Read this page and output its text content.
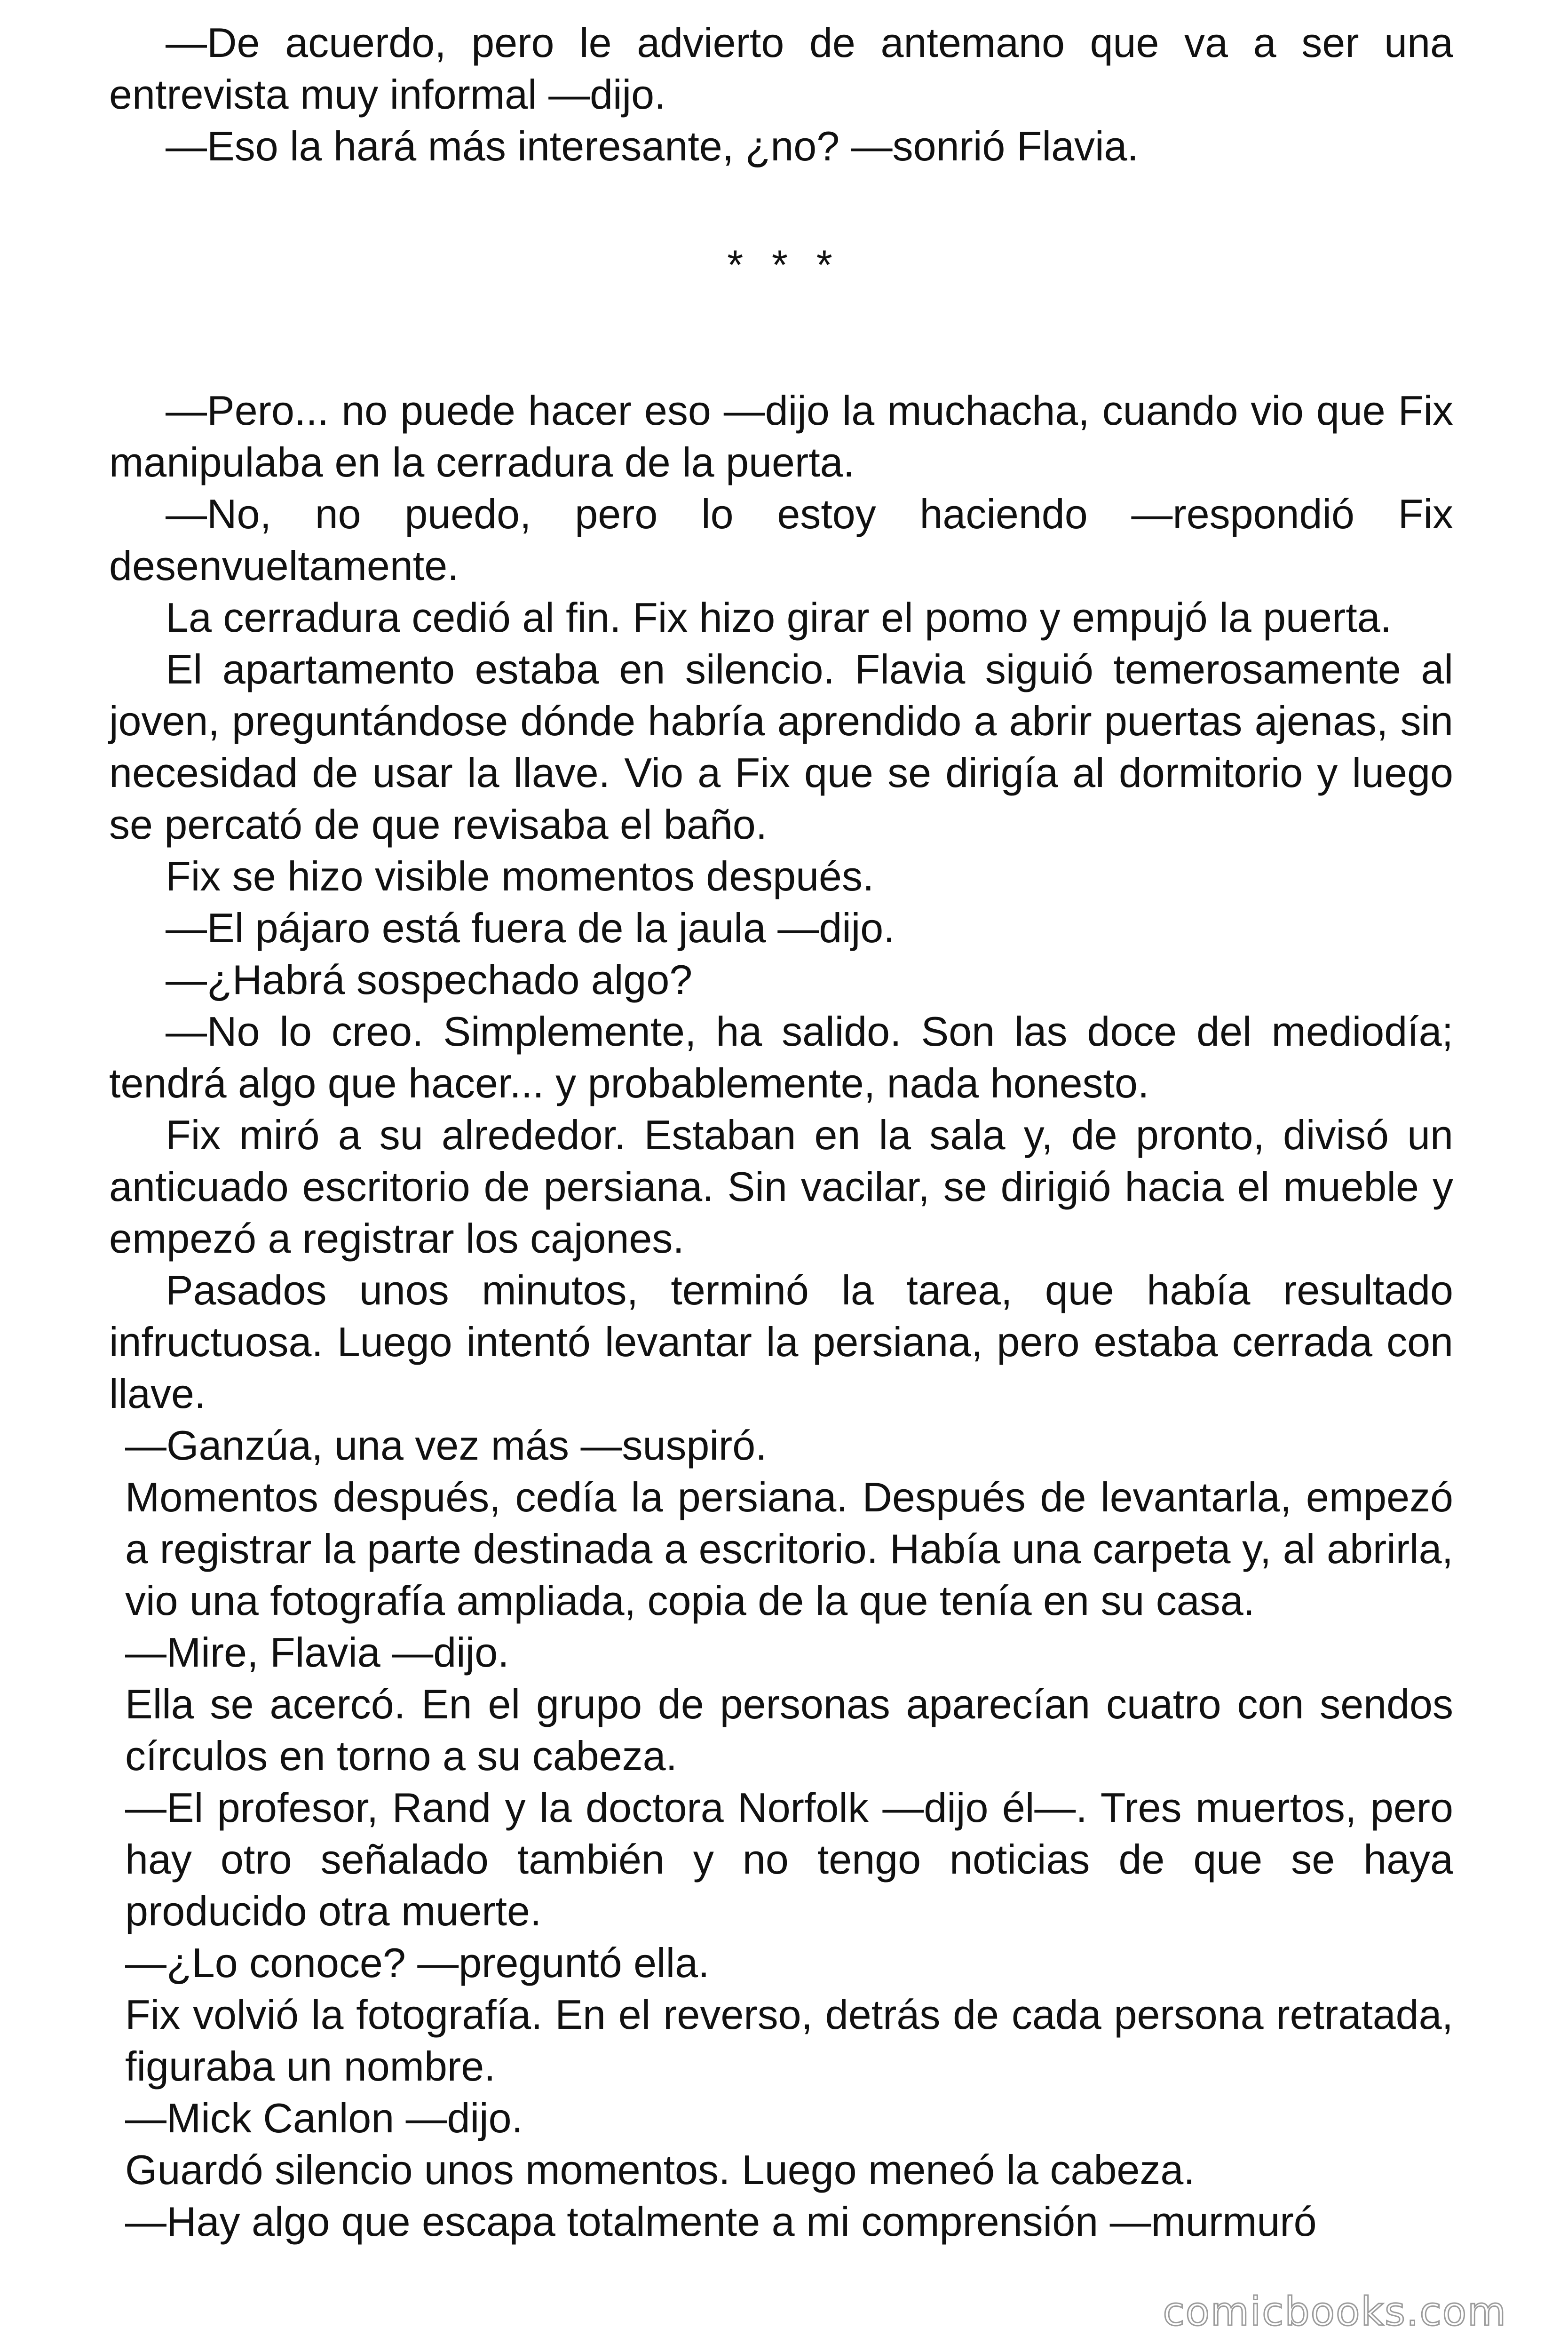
—De acuerdo, pero le advierto de antemano que va a ser una entrevista muy informal —dijo.

—Eso la hará más interesante, ¿no? —sonrió Flavia.

* * *

—Pero... no puede hacer eso —dijo la muchacha, cuando vio que Fix manipulaba en la cerradura de la puerta.

—No, no puedo, pero lo estoy haciendo —respondió Fix desenvueltamente.

La cerradura cedió al fin. Fix hizo girar el pomo y empujó la puerta.

El apartamento estaba en silencio. Flavia siguió temerosamente al joven, preguntándose dónde habría aprendido a abrir puertas ajenas, sin necesidad de usar la llave. Vio a Fix que se dirigía al dormitorio y luego se percató de que revisaba el baño.

Fix se hizo visible momentos después.

—El pájaro está fuera de la jaula —dijo.

—¿Habrá sospechado algo?

—No lo creo. Simplemente, ha salido. Son las doce del mediodía; tendrá algo que hacer... y probablemente, nada honesto.

Fix miró a su alrededor. Estaban en la sala y, de pronto, divisó un anticuado escritorio de persiana. Sin vacilar, se dirigió hacia el mueble y empezó a registrar los cajones.

Pasados unos minutos, terminó la tarea, que había resultado infructuosa. Luego intentó levantar la persiana, pero estaba cerrada con llave.

—Ganzúa, una vez más —suspiró.

Momentos después, cedía la persiana. Después de levantarla, empezó a registrar la parte destinada a escritorio. Había una carpeta y, al abrirla, vio una fotografía ampliada, copia de la que tenía en su casa.

—Mire, Flavia —dijo.

Ella se acercó. En el grupo de personas aparecían cuatro con sendos círculos en torno a su cabeza.

—El profesor, Rand y la doctora Norfolk —dijo él—. Tres muertos, pero hay otro señalado también y no tengo noticias de que se haya producido otra muerte.

—¿Lo conoce? —preguntó ella.

Fix volvió la fotografía. En el reverso, detrás de cada persona retratada, figuraba un nombre.

—Mick Canlon —dijo.

Guardó silencio unos momentos. Luego meneó la cabeza.

—Hay algo que escapa totalmente a mi comprensión —murmuró

comicbooks.com
